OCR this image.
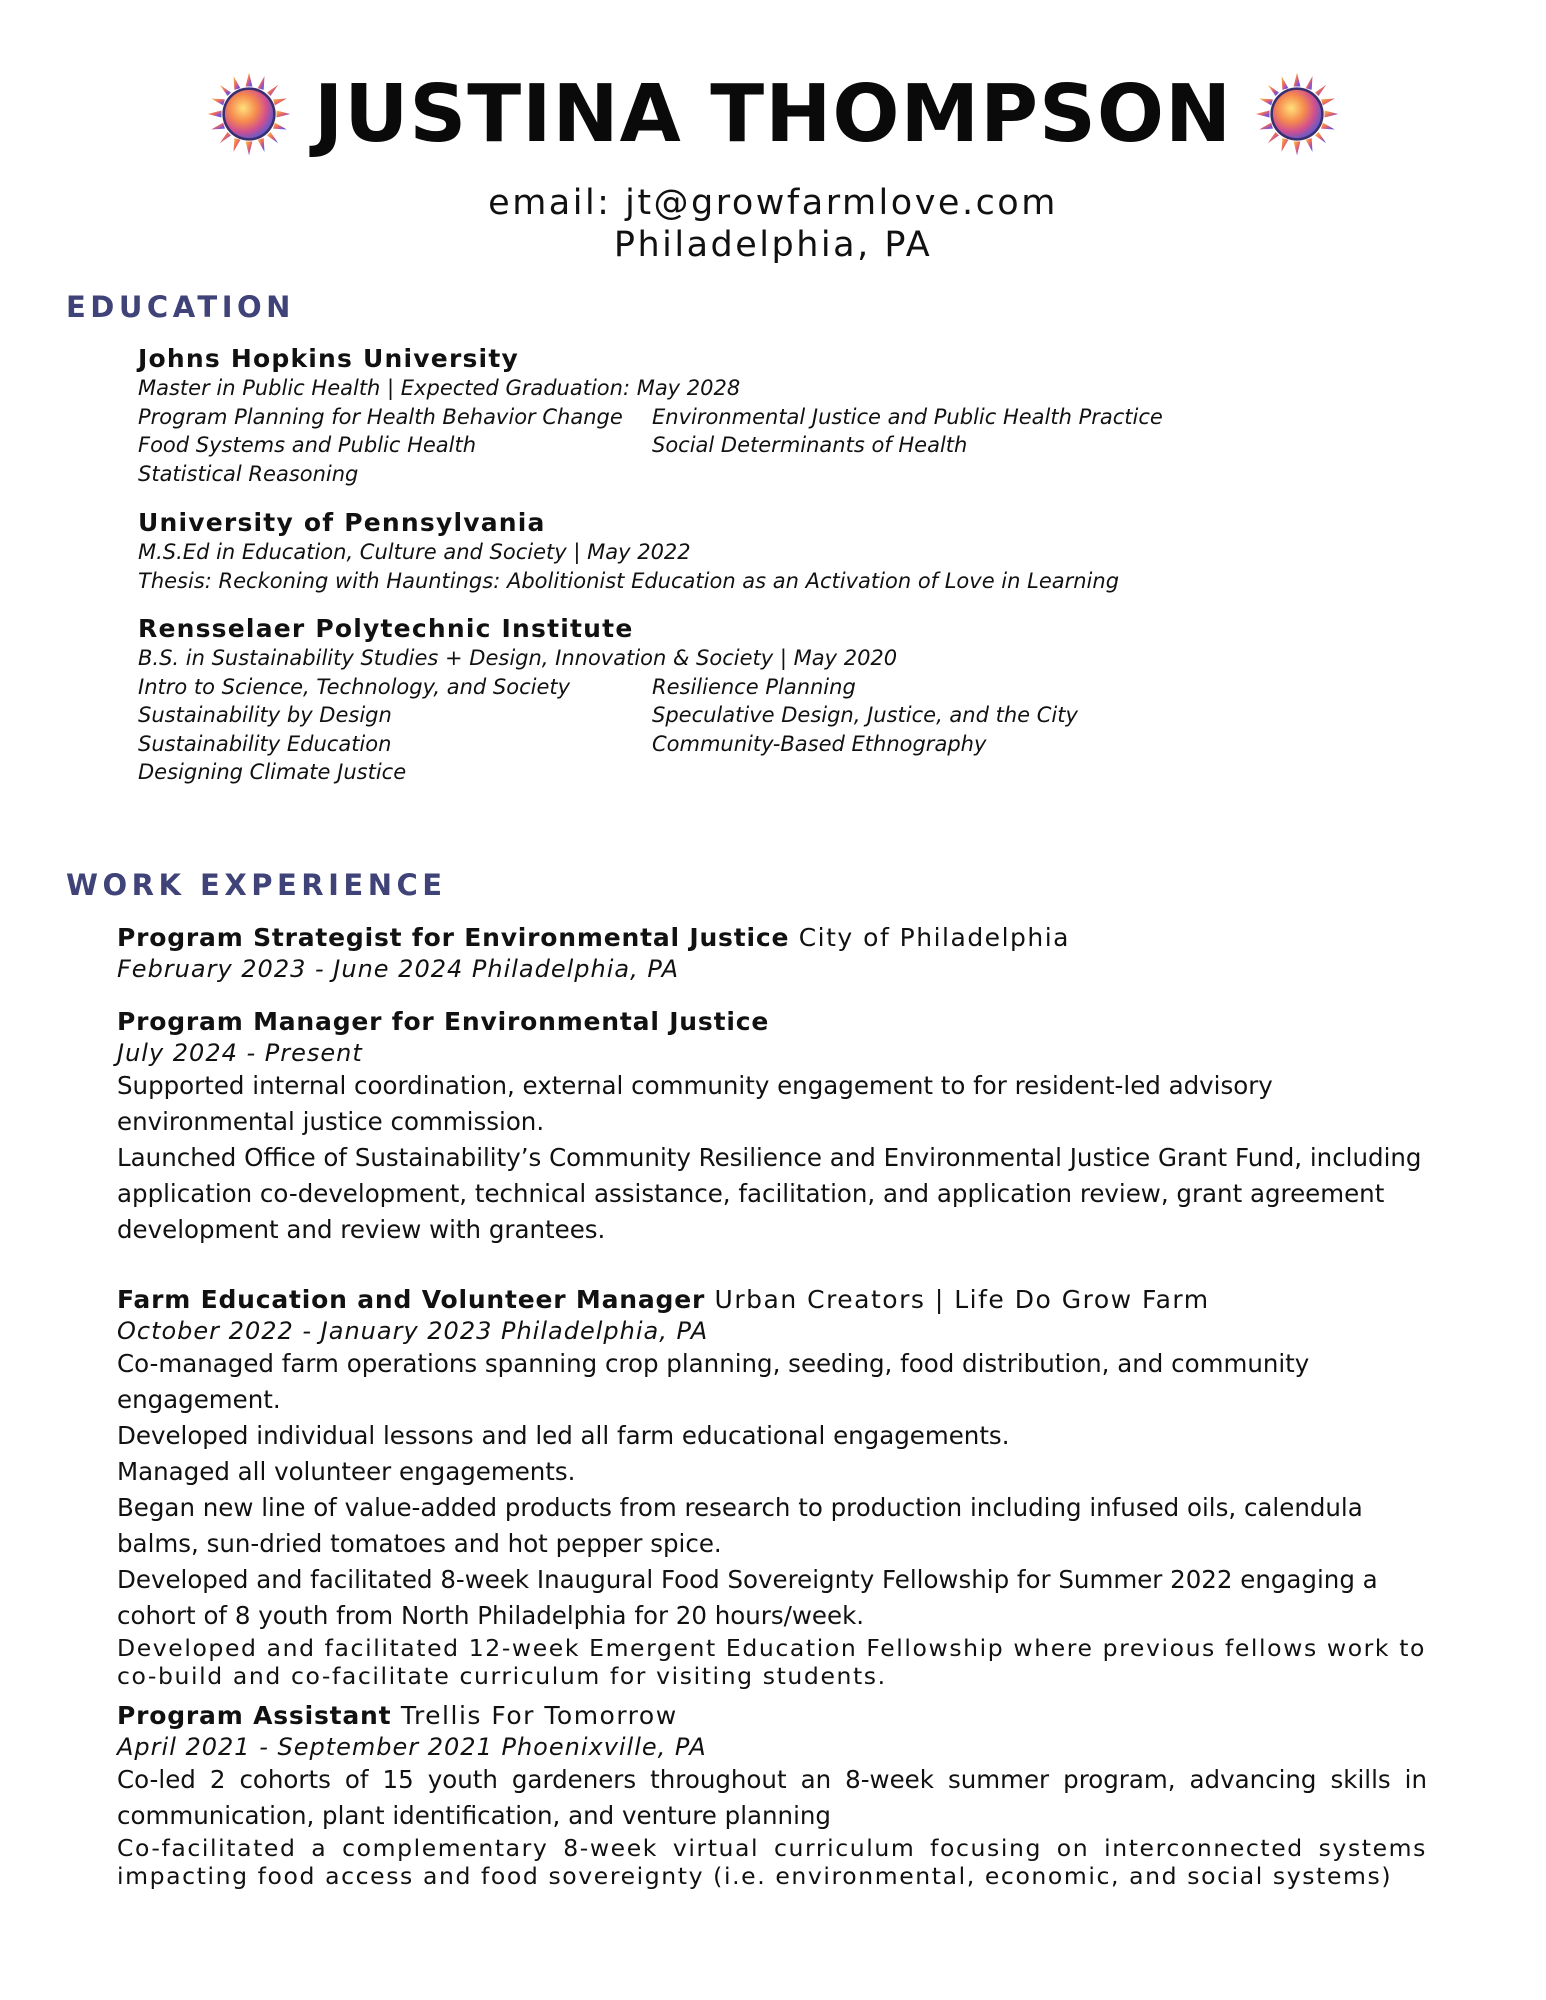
JUSTINA THOMPSON
email: jt@growfarmlove.com
Philadelphia, PA
EDUCATION
Johns Hopkins University
Master in Public Health | Expected Graduation: May 2028
Program Planning for Health Behavior Change
Food Systems and Public Health
Statistical Reasoning
Environmental Justice and Public Health Practice
Social Determinants of Health
University of Pennsylvania
M.S.Ed in Education, Culture and Society | May 2022
Thesis: Reckoning with Hauntings: Abolitionist Education as an Activation of Love in Learning
Rensselaer Polytechnic Institute
B.S. in Sustainability Studies + Design, Innovation & Society | May 2020
Intro to Science, Technology, and Society
Sustainability by Design
Sustainability Education
Designing Climate Justice
Resilience Planning
Speculative Design, Justice, and the City
Community-Based Ethnography
WORK EXPERIENCE
Program Strategist for Environmental Justice City of Philadelphia
February 2023 - June 2024 Philadelphia, PA
Program Manager for Environmental Justice
July 2024 - Present
Supported internal coordination, external community engagement to for resident-led advisory environmental justice commission.
Launched Office of Sustainability’s Community Resilience and Environmental Justice Grant Fund, including application co-development, technical assistance, facilitation, and application review, grant agreement development and review with grantees.
Farm Education and Volunteer Manager Urban Creators | Life Do Grow Farm
October 2022 - January 2023 Philadelphia, PA
Co-managed farm operations spanning crop planning, seeding, food distribution, and community engagement.
Developed individual lessons and led all farm educational engagements.
Managed all volunteer engagements.
Began new line of value-added products from research to production including infused oils, calendula balms, sun-dried tomatoes and hot pepper spice.
Developed and facilitated 8-week Inaugural Food Sovereignty Fellowship for Summer 2022 engaging a cohort of 8 youth from North Philadelphia for 20 hours/week.
Developed and facilitated 12-week Emergent Education Fellowship where previous fellows work to co-build and co-facilitate curriculum for visiting students.
Program Assistant Trellis For Tomorrow
April 2021 - September 2021 Phoenixville, PA
Co-led 2 cohorts of 15 youth gardeners throughout an 8-week summer program, advancing skills in communication, plant identification, and venture planning
Co-facilitated a complementary 8-week virtual curriculum focusing on interconnected systems impacting food access and food sovereignty (i.e. environmental, economic, and social systems)
